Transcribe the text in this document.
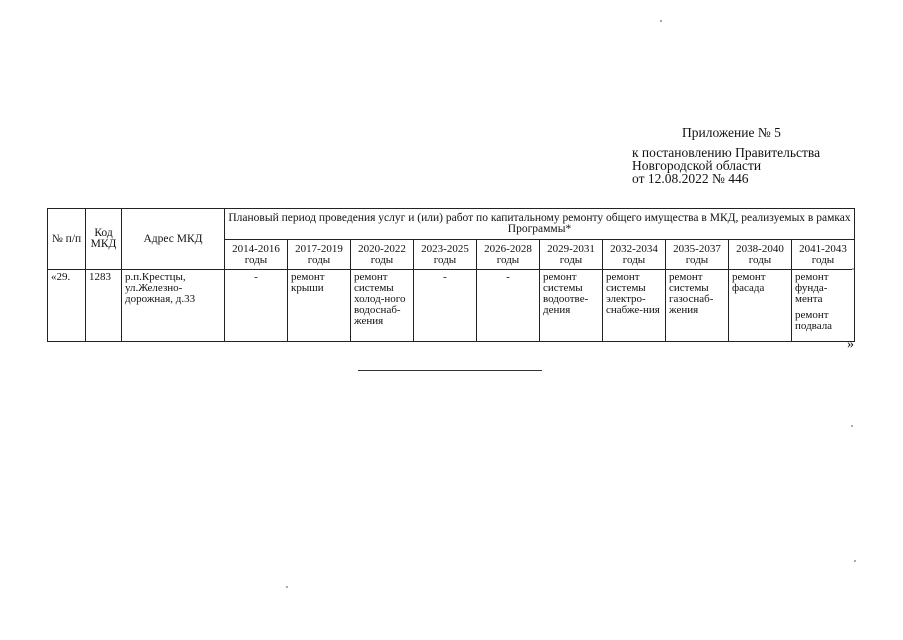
Приложение № 5
к постановлению Правительства
Новгородской области
от 12.08.2022 № 446
№ п/п	Код МКД	Адрес МКД	Плановый период проведения услуг и (или) работ по капитальному ремонту общего имущества в МКД, реализуемых в рамках Программы*									
			2014-2016 годы	2017-2019 годы	2020-2022 годы	2023-2025 годы	2026-2028 годы	2029-2031 годы	2032-2034 годы	2035-2037 годы	2038-2040 годы	2041-2043 годы
«29.	1283	р.п.Крестцы, ул.Железно-дорожная, д.33	-	ремонт крыши	ремонт системы холод-ного водоснаб-жения	-	-	ремонт системы водоотве-дения	ремонт системы электро-снабже-ния	ремонт системы газоснаб-жения	ремонт фасада	ремонт фунда-мента
ремонт подвала
»
